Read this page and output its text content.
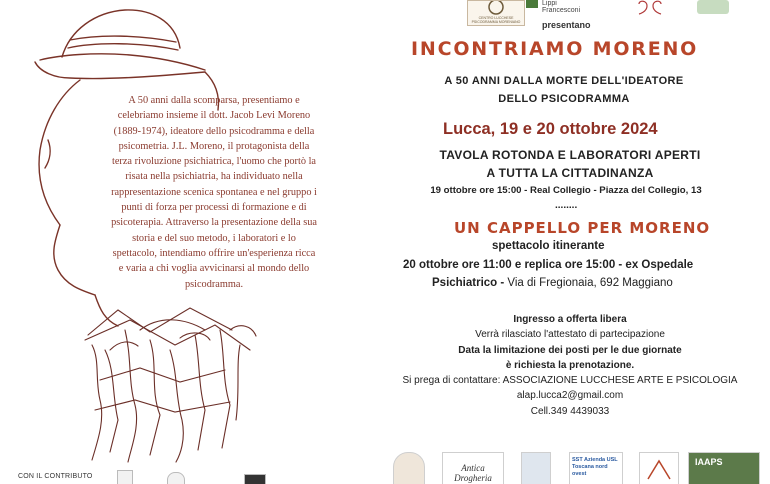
A 50 anni dalla scomparsa, presentiamo e
celebriamo insieme il dott. Jacob Levi Moreno
(1889-1974), ideatore dello psicodramma e della
psicometria. J.L. Moreno, il protagonista della
terza rivoluzione psichiatrica, l'uomo che portò la
risata nella psichiatria, ha individuato nella
rappresentazione scenica spontanea e nel gruppo i
punti di forza per processi di formazione e di
psicoterapia. Attraverso la presentazione della sua
storia e del suo metodo, i laboratori e lo
spettacolo, intendiamo offrire un'esperienza ricca
e varia a chi voglia avvicinarsi al mondo dello
psicodramma.
CON IL CONTRIBUTO
CENTRO LUCCHESE PSICODRAMMA MORENIANO
Lippi Francesconi
presentano
INCONTRIAMO MORENO
A 50 ANNI DALLA MORTE DELL'IDEATORE
DELLO PSICODRAMMA
Lucca, 19 e 20 ottobre 2024
TAVOLA ROTONDA E LABORATORI APERTI
A TUTTA LA CITTADINANZA
19 ottobre ore 15:00 - Real Collegio - Piazza del Collegio, 13
........
UN CAPPELLO PER MORENO
spettacolo itinerante
20 ottobre ore 11:00 e replica ore 15:00 - ex Ospedale
Psichiatrico - Via di Fregionaia, 692 Maggiano
Ingresso a offerta libera
Verrà rilasciato l'attestato di partecipazione
Data la limitazione dei posti per le due giornate
è richiesta la prenotazione.
Si prega di contattare: ASSOCIAZIONE LUCCHESE ARTE E PSICOLOGIA
alap.lucca2@gmail.com
Cell.349 4439033
Antica Drogheria
SST Azienda USL Toscana nord ovest
IAAPS
